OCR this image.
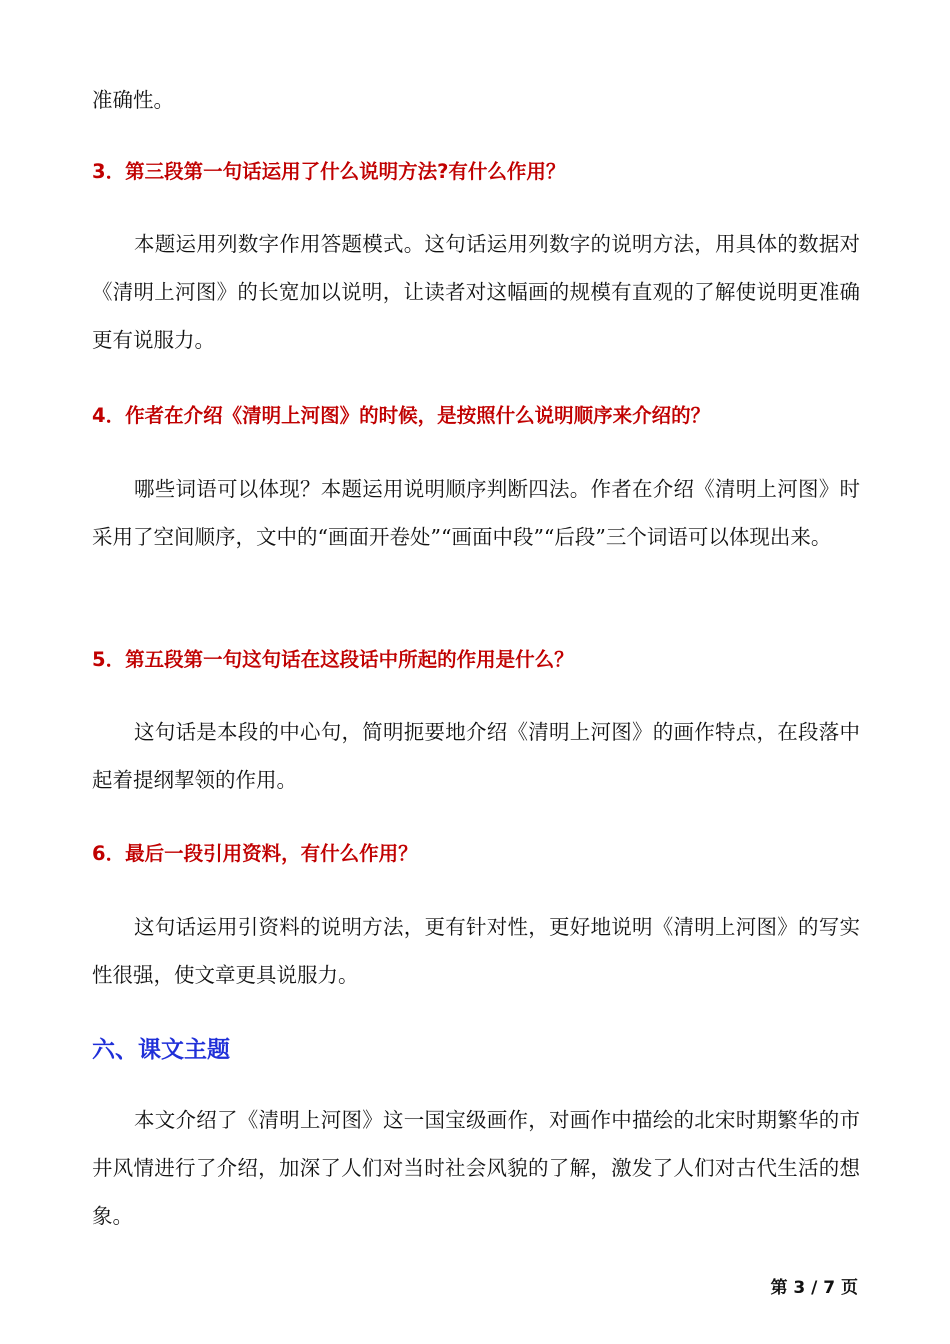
准确性。

3．第三段第一句话运用了什么说明方法?有什么作用？

本题运用列数字作用答题模式。这句话运用列数字的说明方法，用具体的数据对《清明上河图》的长宽加以说明，让读者对这幅画的规模有直观的了解使说明更准确更有说服力。

4．作者在介绍《清明上河图》的时候，是按照什么说明顺序来介绍的？

哪些词语可以体现？本题运用说明顺序判断四法。作者在介绍《清明上河图》时采用了空间顺序，文中的“画面开卷处”“画面中段”“后段”三个词语可以体现出来。

5．第五段第一句这句话在这段话中所起的作用是什么？

这句话是本段的中心句，简明扼要地介绍《清明上河图》的画作特点，在段落中起着提纲挈领的作用。

6．最后一段引用资料，有什么作用？

这句话运用引资料的说明方法，更有针对性，更好地说明《清明上河图》的写实性很强，使文章更具说服力。

六、课文主题

本文介绍了《清明上河图》这一国宝级画作，对画作中描绘的北宋时期繁华的市井风情进行了介绍，加深了人们对当时社会风貌的了解，激发了人们对古代生活的想象。

第 3 / 7 页
